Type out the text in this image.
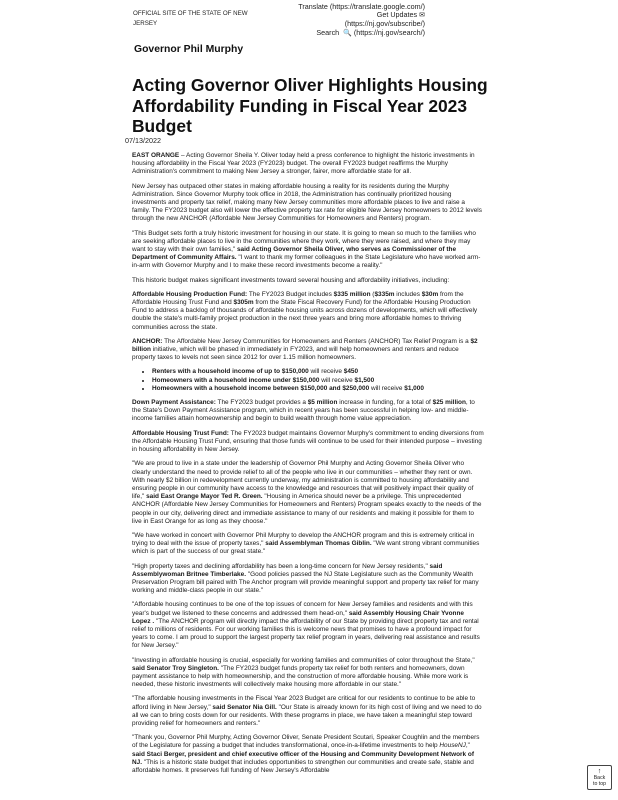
OFFICIAL SITE OF THE STATE OF NEW JERSEY
Translate (https://translate.google.com/)
Get Updates ✉
(https://nj.gov/subscribe/)
Search 🔍 (https://nj.gov/search/)
Governor Phil Murphy
Acting Governor Oliver Highlights Housing Affordability Funding in Fiscal Year 2023 Budget
07/13/2022

EAST ORANGE – Acting Governor Sheila Y. Oliver today held a press conference to highlight the historic investments in housing affordability in the Fiscal Year 2023 (FY2023) budget. The overall FY2023 budget reaffirms the Murphy Administration's commitment to making New Jersey a stronger, fairer, more affordable state for all.

New Jersey has outpaced other states in making affordable housing a reality for its residents during the Murphy Administration. Since Governor Murphy took office in 2018, the Administration has continually prioritized housing investments and property tax relief, making many New Jersey communities more affordable places to live and raise a family. The FY2023 budget also will lower the effective property tax rate for eligible New Jersey homeowners to 2012 levels through the new ANCHOR (Affordable New Jersey Communities for Homeowners and Renters) program.

"This Budget sets forth a truly historic investment for housing in our state. It is going to mean so much to the families who are seeking affordable places to live in the communities where they work, where they were raised, and where they may want to stay with their own families," said Acting Governor Sheila Oliver, who serves as Commissioner of the Department of Community Affairs. "I want to thank my former colleagues in the State Legislature who have worked arm-in-arm with Governor Murphy and I to make these record investments become a reality."

This historic budget makes significant investments toward several housing and affordability initiatives, including:

Affordable Housing Production Fund: The FY2023 Budget includes $335 million ($335m includes $30m from the Affordable Housing Trust Fund and $305m from the State Fiscal Recovery Fund) for the Affordable Housing Production Fund to address a backlog of thousands of affordable housing units across dozens of developments, which will effectively double the state's multi-family project production in the next three years and bring more affordable homes to thriving communities across the state.

ANCHOR: The Affordable New Jersey Communities for Homeowners and Renters (ANCHOR) Tax Relief Program is a $2 billion initiative, which will be phased in immediately in FY2023, and will help homeowners and renters and reduce property taxes to levels not seen since 2012 for over 1.15 million homeowners.

• Renters with a household income of up to $150,000 will receive $450
• Homeowners with a household income under $150,000 will receive $1,500
• Homeowners with a household income between $150,000 and $250,000 will receive $1,000

Down Payment Assistance: The FY2023 budget provides a $5 million increase in funding, for a total of $25 million, to the State's Down Payment Assistance program, which in recent years has been successful in helping low- and middle-income families attain homeownership and begin to build wealth through home value appreciation.

Affordable Housing Trust Fund: The FY2023 budget maintains Governor Murphy's commitment to ending diversions from the Affordable Housing Trust Fund, ensuring that those funds will continue to be used for their intended purpose – investing in housing affordability in New Jersey.

"We are proud to live in a state under the leadership of Governor Phil Murphy and Acting Governor Sheila Oliver who clearly understand the need to provide relief to all of the people who live in our communities – whether they rent or own. With nearly $2 billion in redevelopment currently underway, my administration is committed to housing affordability and ensuring people in our community have access to the knowledge and resources that will positively impact their quality of life," said East Orange Mayor Ted R. Green. "Housing in America should never be a privilege. This unprecedented ANCHOR (Affordable New Jersey Communities for Homeowners and Renters) Program speaks exactly to the needs of the people in our city, delivering direct and immediate assistance to many of our residents and making it possible for them to live in East Orange for as long as they choose."

"We have worked in concert with Governor Phil Murphy to develop the ANCHOR program and this is extremely critical in trying to deal with the issue of property taxes," said Assemblyman Thomas Giblin. "We want strong vibrant communities which is part of the success of our great state."

"High property taxes and declining affordability has been a long-time concern for New Jersey residents," said Assemblywoman Britnee Timberlake. "Good policies passed the NJ State Legislature such as the Community Wealth Preservation Program bill paired with The Anchor program will provide meaningful support and property tax relief for many working and middle-class people in our state."

"Affordable housing continues to be one of the top issues of concern for New Jersey families and residents and with this year's budget we listened to these concerns and addressed them head-on," said Assembly Housing Chair Yvonne Lopez . "The ANCHOR program will directly impact the affordability of our State by providing direct property tax and rental relief to millions of residents. For our working families this is welcome news that promises to have a profound impact for years to come. I am proud to support the largest property tax relief program in years, delivering real assistance and results for New Jersey."

"Investing in affordable housing is crucial, especially for working families and communities of color throughout the State," said Senator Troy Singleton. "The FY2023 budget funds property tax relief for both renters and homeowners, down payment assistance to help with homeownership, and the construction of more affordable housing. While more work is needed, these historic investments will collectively make housing more affordable in our state."

"The affordable housing investments in the Fiscal Year 2023 Budget are critical for our residents to continue to be able to afford living in New Jersey," said Senator Nia Gill. "Our State is already known for its high cost of living and we need to do all we can to bring costs down for our residents. With these programs in place, we have taken a meaningful step toward providing relief for homeowners and renters."

"Thank you, Governor Phil Murphy, Acting Governor Oliver, Senate President Scutari, Speaker Coughlin and the members of the Legislature for passing a budget that includes transformational, once-in-a-lifetime investments to help HouseNJ," said Staci Berger, president and chief executive officer of the Housing and Community Development Network of NJ. "This is a historic state budget that includes opportunities to strengthen our communities and create safe, stable and affordable homes. It preserves full funding of New Jersey's Affordable	↑
Back
to top
